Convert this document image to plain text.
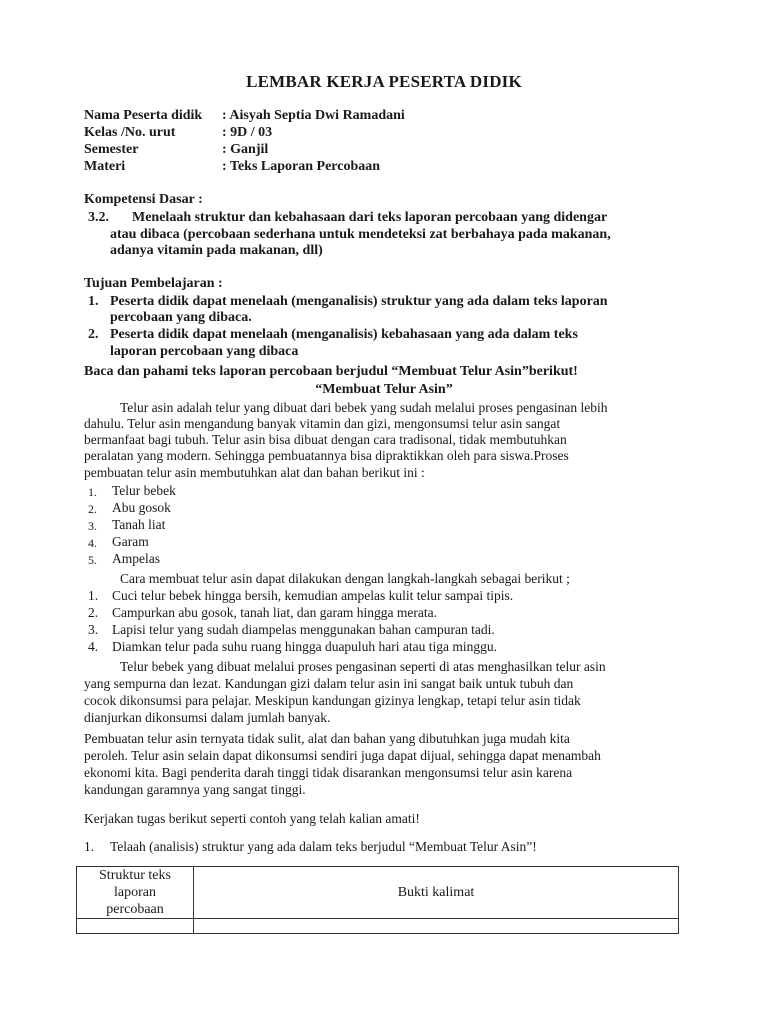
LEMBAR KERJA PESERTA DIDIK
Nama Peserta didik : Aisyah Septia Dwi Ramadani
Kelas /No. urut	: 9D / 03
Semester	: Ganjil
Materi	: Teks Laporan Percobaan
Kompetensi Dasar :
3.2. Menelaah struktur dan kebahasaan dari teks laporan percobaan yang didengar
atau dibaca (percobaan sederhana untuk mendeteksi zat berbahaya pada makanan,
adanya vitamin pada makanan, dll)
Tujuan Pembelajaran :
1. Peserta didik dapat menelaah (menganalisis) struktur yang ada dalam teks laporan
percobaan yang dibaca.
2. Peserta didik dapat menelaah (menganalisis) kebahasaan yang ada dalam teks
laporan percobaan yang dibaca
Baca dan pahami teks laporan percobaan berjudul “Membuat Telur Asin”berikut!
“Membuat Telur Asin”
Telur asin adalah telur yang dibuat dari bebek yang sudah melalui proses pengasinan lebih
dahulu. Telur asin mengandung banyak vitamin dan gizi, mengonsumsi telur asin sangat
bermanfaat bagi tubuh. Telur asin bisa dibuat dengan cara tradisonal, tidak membutuhkan
peralatan yang modern. Sehingga pembuatannya bisa dipraktikkan oleh para siswa.Proses
pembuatan telur asin membutuhkan alat dan bahan berikut ini :
1. Telur bebek
2. Abu gosok
3. Tanah liat
4. Garam
5. Ampelas
Cara membuat telur asin dapat dilakukan dengan langkah-langkah sebagai berikut ;
1. Cuci telur bebek hingga bersih, kemudian ampelas kulit telur sampai tipis.
2. Campurkan abu gosok, tanah liat, dan garam hingga merata.
3. Lapisi telur yang sudah diampelas menggunakan bahan campuran tadi.
4. Diamkan telur pada suhu ruang hingga duapuluh hari atau tiga minggu.
Telur bebek yang dibuat melalui proses pengasinan seperti di atas menghasilkan telur asin
yang sempurna dan lezat. Kandungan gizi dalam telur asin ini sangat baik untuk tubuh dan
cocok dikonsumsi para pelajar. Meskipun kandungan gizinya lengkap, tetapi telur asin tidak
dianjurkan dikonsumsi dalam jumlah banyak.
Pembuatan telur asin ternyata tidak sulit, alat dan bahan yang dibutuhkan juga mudah kita
peroleh. Telur asin selain dapat dikonsumsi sendiri juga dapat dijual, sehingga dapat menambah
ekonomi kita. Bagi penderita darah tinggi tidak disarankan mengonsumsi telur asin karena
kandungan garamnya yang sangat tinggi.
Kerjakan tugas berikut seperti contoh yang telah kalian amati!
1. Telaah (analisis) struktur yang ada dalam teks berjudul “Membuat Telur Asin”!
Struktur teks
laporan
percobaan	Bukti kalimat
